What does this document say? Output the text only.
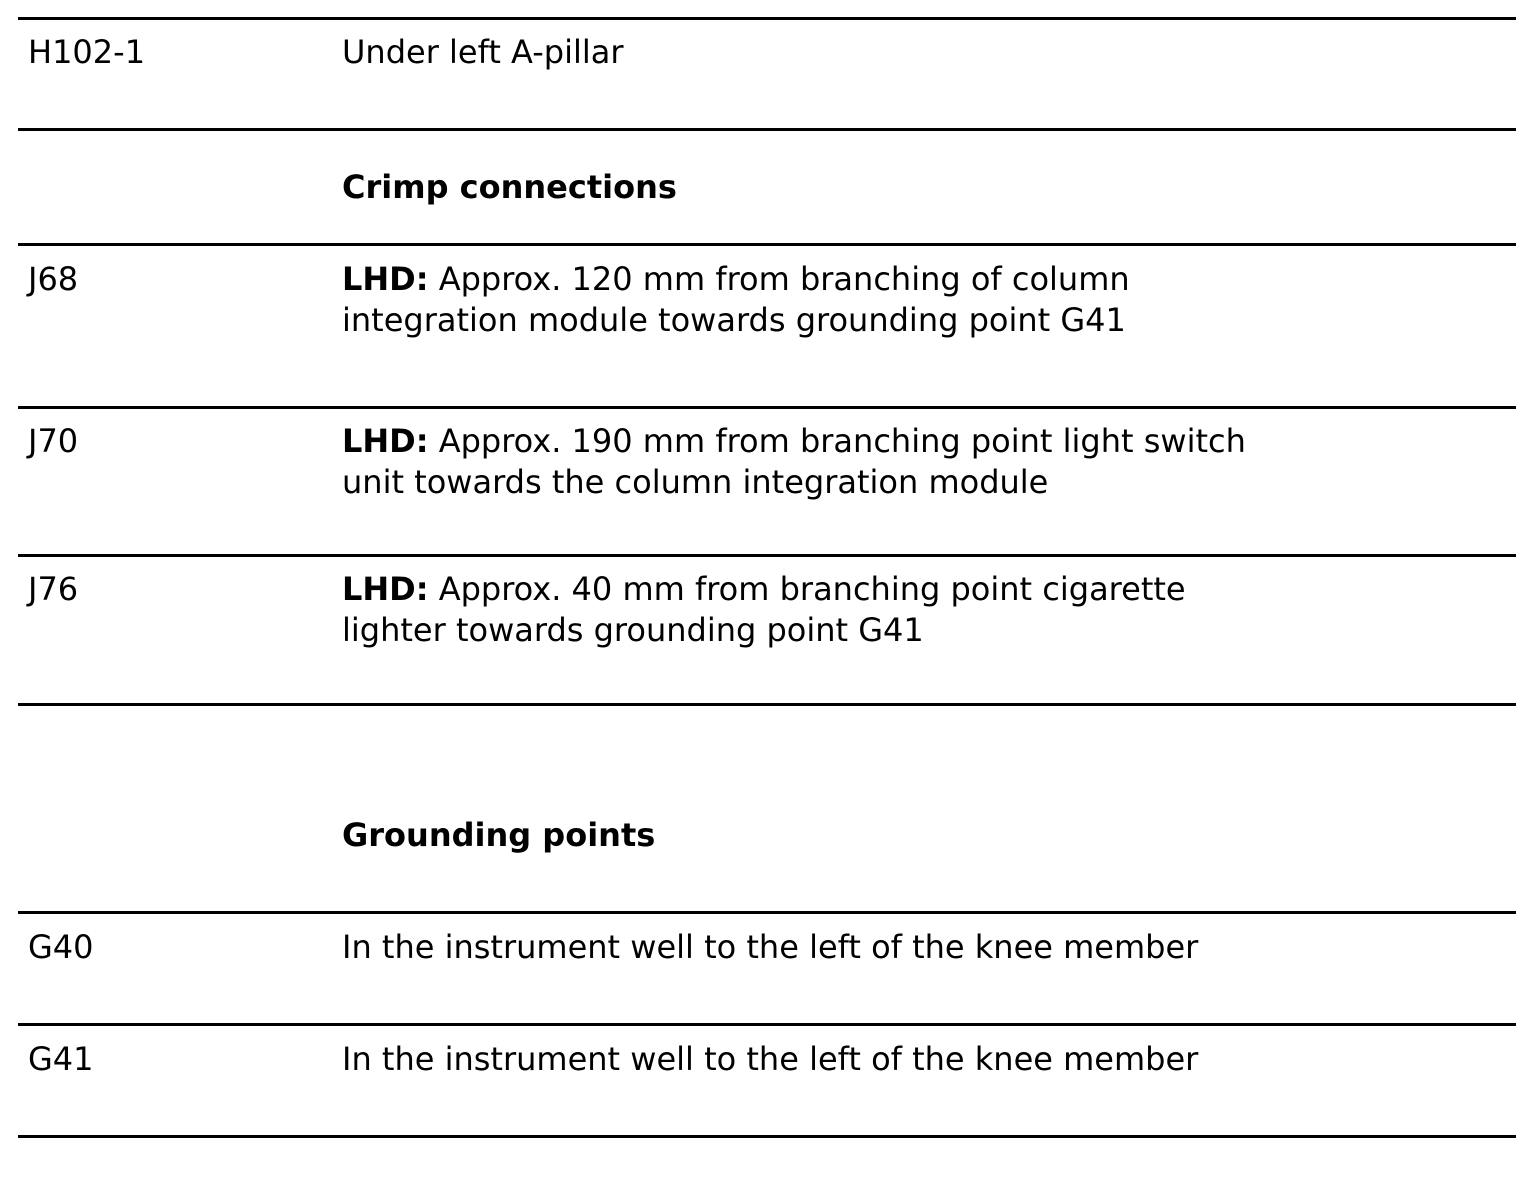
H102-1	Under left A-pillar
Crimp connections
J68	LHD: Approx. 120 mm from branching of column
integration module towards grounding point G41
J70	LHD: Approx. 190 mm from branching point light switch
unit towards the column integration module
J76	LHD: Approx. 40 mm from branching point cigarette
lighter towards grounding point G41
Grounding points
G40	In the instrument well to the left of the knee member
G41	In the instrument well to the left of the knee member
